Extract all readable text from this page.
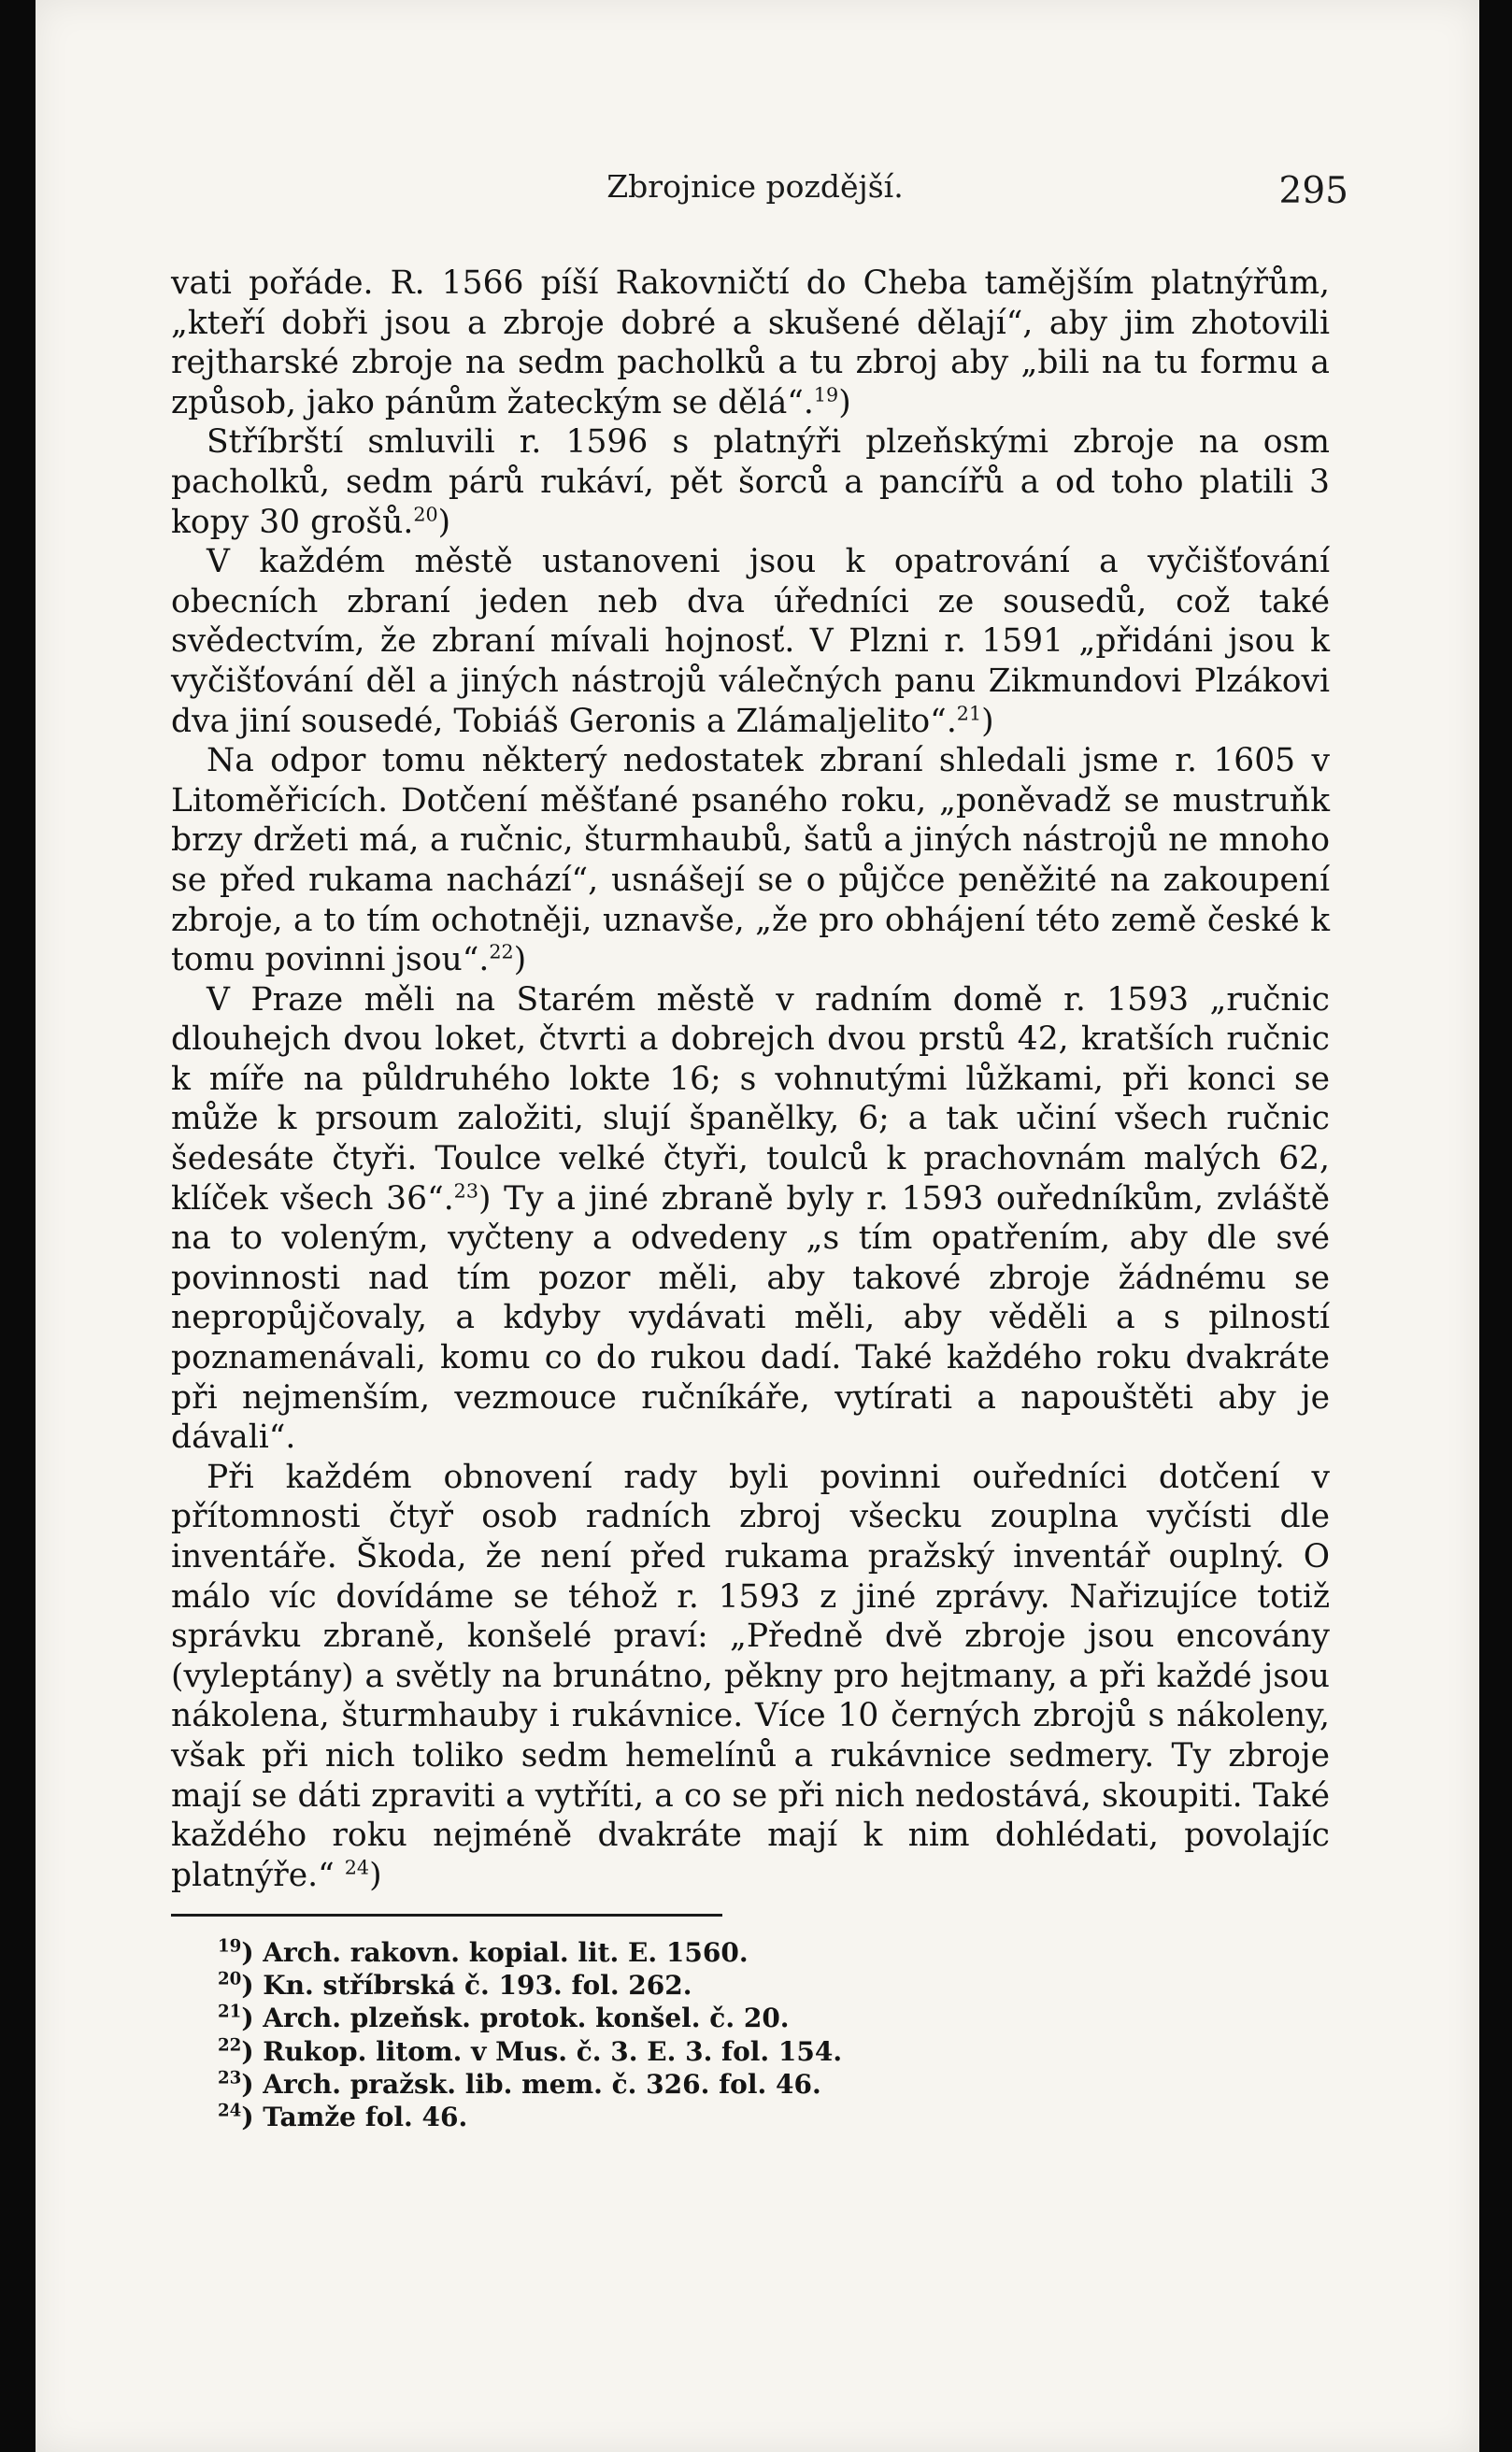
Zbrojnice pozdější.	295

vati pořáde. R. 1566 píší Rakovničtí do Cheba tamějším platnýřům, „kteří dobři jsou a zbroje dobré a skušené dělají“, aby jim zhotovili rejtharské zbroje na sedm pacholků a tu zbroj aby „bili na tu formu a způsob, jako pánům žateckým se dělá“.$^{19}$)

Stříbrští smluvili r. 1596 s platnýři plzeňskými zbroje na osm pacholků, sedm párů rukáví, pět šorců a pancířů a od toho platili 3 kopy 30 grošů.$^{20}$)

V každém městě ustanoveni jsou k opatrování a vyčišťování obecních zbraní jeden neb dva úředníci ze sousedů, což také svědectvím, že zbraní mívali hojnosť. V Plzni r. 1591 „přidáni jsou k vyčišťování děl a jiných nástrojů válečných panu Zikmundovi Plzákovi dva jiní sousedé, Tobiáš Geronis a Zlámaljelito“.$^{21}$)

Na odpor tomu některý nedostatek zbraní shledali jsme r. 1605 v Litoměřicích. Dotčení měšťané psaného roku, „poněvadž se mustruňk brzy držeti má, a ručnic, šturmhaubů, šatů a jiných nástrojů ne mnoho se před rukama nachází“, usnášejí se o půjčce peněžité na zakoupení zbroje, a to tím ochotněji, uznavše, „že pro obhájení této země české k tomu povinni jsou“.$^{22}$)

V Praze měli na Starém městě v radním domě r. 1593 „ručnic dlouhejch dvou loket, čtvrti a dobrejch dvou prstů 42, kratších ručnic k míře na půldruhého lokte 16; s vohnutými lůžkami, při konci se může k prsoum založiti, slují španělky, 6; a tak učiní všech ručnic šedesáte čtyři. Toulce velké čtyři, toulců k prachovnám malých 62, klíček všech 36“.$^{23}$) Ty a jiné zbraně byly r. 1593 ouředníkům, zvláště na to voleným, vyčteny a odvedeny „s tím opatřením, aby dle své povinnosti nad tím pozor měli, aby takové zbroje žádnému se nepropůjčovaly, a kdyby vydávati měli, aby věděli a s pilností poznamenávali, komu co do rukou dadí. Také každého roku dvakráte při nejmenším, vezmouce ručníkáře, vytírati a napouštěti aby je dávali“.

Při každém obnovení rady byli povinni ouředníci dotčení v přítomnosti čtyř osob radních zbroj všecku zouplna vyčísti dle inventáře. Škoda, že není před rukama pražský inventář ouplný. O málo víc dovídáme se téhož r. 1593 z jiné zprávy. Nařizujíce totiž správku zbraně, konšelé praví: „Předně dvě zbroje jsou encovány (vyleptány) a světly na brunátno, pěkny pro hejtmany, a při každé jsou nákolena, šturmhauby i rukávnice. Více 10 černých zbrojů s nákoleny, však při nich toliko sedm hemelínů a rukávnice sedmery. Ty zbroje mají se dáti zpraviti a vytříti, a co se při nich nedostává, skoupiti. Také každého roku nejméně dvakráte mají k nim dohlédati, povolajíc platnýře.“ $^{24}$)

$^{19}$) Arch. rakovn. kopial. lit. E. 1560.
$^{20}$) Kn. stříbrská č. 193. fol. 262.
$^{21}$) Arch. plzeňsk. protok. konšel. č. 20.
$^{22}$) Rukop. litom. v Mus. č. 3. E. 3. fol. 154.
$^{23}$) Arch. pražsk. lib. mem. č. 326. fol. 46.
$^{24}$) Tamže fol. 46.
